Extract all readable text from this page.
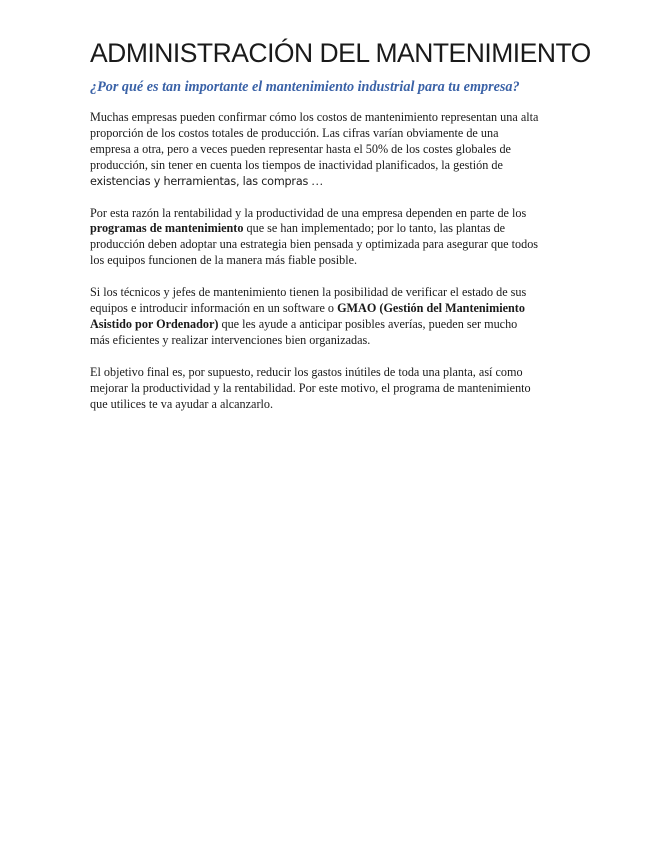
ADMINISTRACIÓN DEL MANTENIMIENTO
¿Por qué es tan importante el mantenimiento industrial para tu empresa?

Muchas empresas pueden confirmar cómo los costos de mantenimiento representan una alta
proporción de los costos totales de producción. Las cifras varían obviamente de una
empresa a otra, pero a veces pueden representar hasta el 50% de los costes globales de
producción, sin tener en cuenta los tiempos de inactividad planificados, la gestión de
existencias y herramientas, las compras …

Por esta razón la rentabilidad y la productividad de una empresa dependen en parte de los
programas de mantenimiento que se han implementado; por lo tanto, las plantas de
producción deben adoptar una estrategia bien pensada y optimizada para asegurar que todos
los equipos funcionen de la manera más fiable posible.

Si los técnicos y jefes de mantenimiento tienen la posibilidad de verificar el estado de sus
equipos e introducir información en un software o GMAO (Gestión del Mantenimiento
Asistido por Ordenador) que les ayude a anticipar posibles averías, pueden ser mucho
más eficientes y realizar intervenciones bien organizadas.

El objetivo final es, por supuesto, reducir los gastos inútiles de toda una planta, así como
mejorar la productividad y la rentabilidad. Por este motivo, el programa de mantenimiento
que utilices te va ayudar a alcanzarlo.
